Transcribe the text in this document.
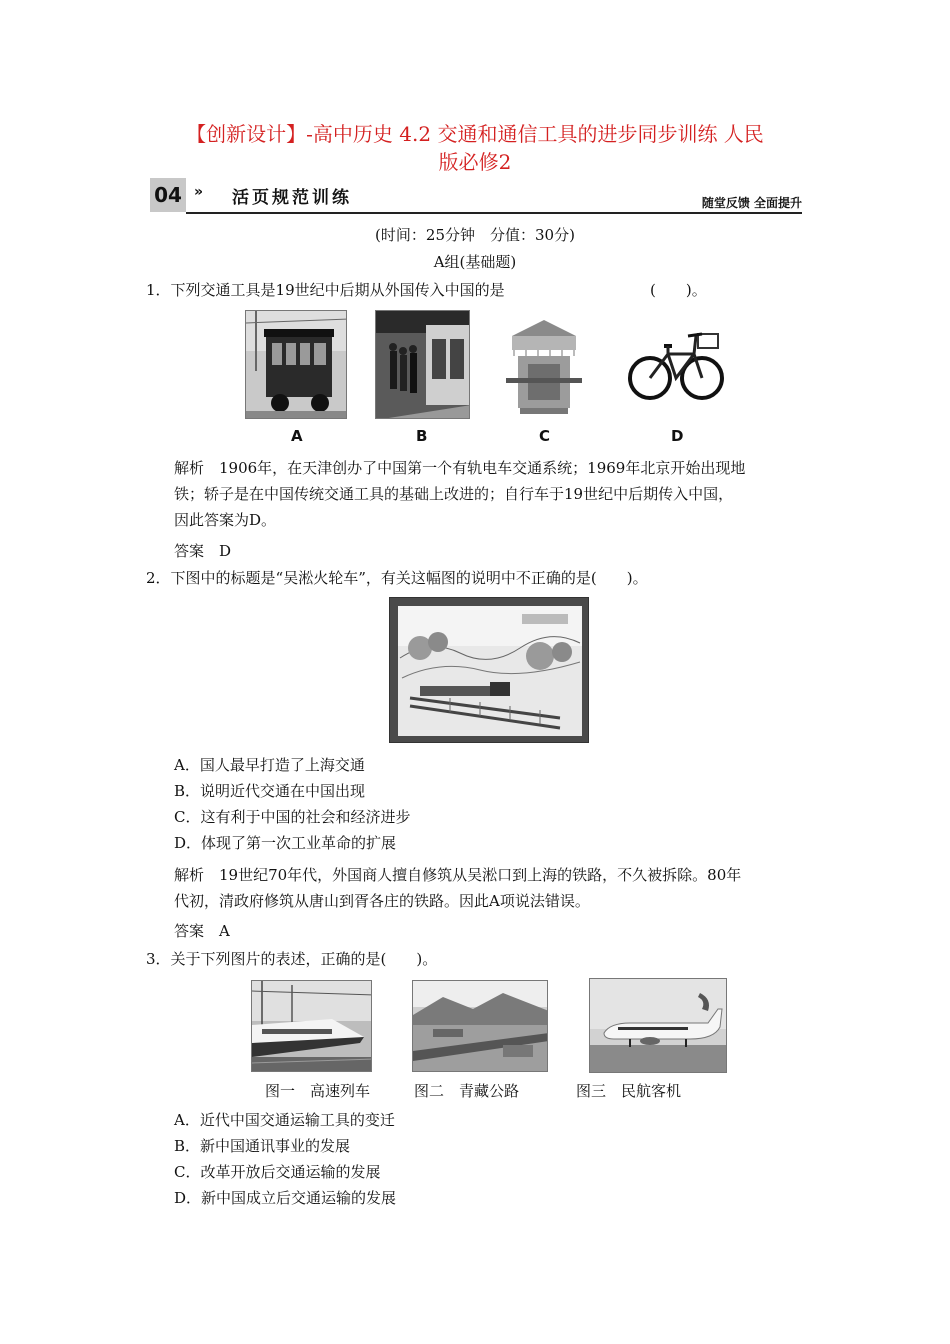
【创新设计】-高中历史 4.2 交通和通信工具的进步同步训练 人民
版必修2
04 » 活页规范训练	随堂反馈 全面提升
(时间：25分钟　分值：30分)
A组(基础题)
1．下列交通工具是19世纪中后期从外国传入中国的是	(　　)。
A	B	C	D
解析　1906年，在天津创办了中国第一个有轨电车交通系统；1969年北京开始出现地
铁；轿子是在中国传统交通工具的基础上改进的；自行车于19世纪中后期传入中国，
因此答案为D。
答案　D
2．下图中的标题是“吴淞火轮车”，有关这幅图的说明中不正确的是(　　)。
A．国人最早打造了上海交通
B．说明近代交通在中国出现
C．这有利于中国的社会和经济进步
D．体现了第一次工业革命的扩展
解析　19世纪70年代，外国商人擅自修筑从吴淞口到上海的铁路，不久被拆除。80年
代初，清政府修筑从唐山到胥各庄的铁路。因此A项说法错误。
答案　A
3．关于下列图片的表述，正确的是(　　)。
图一　高速列车	图二　青藏公路	图三　民航客机
A．近代中国交通运输工具的变迁
B．新中国通讯事业的发展
C．改革开放后交通运输的发展
D．新中国成立后交通运输的发展
